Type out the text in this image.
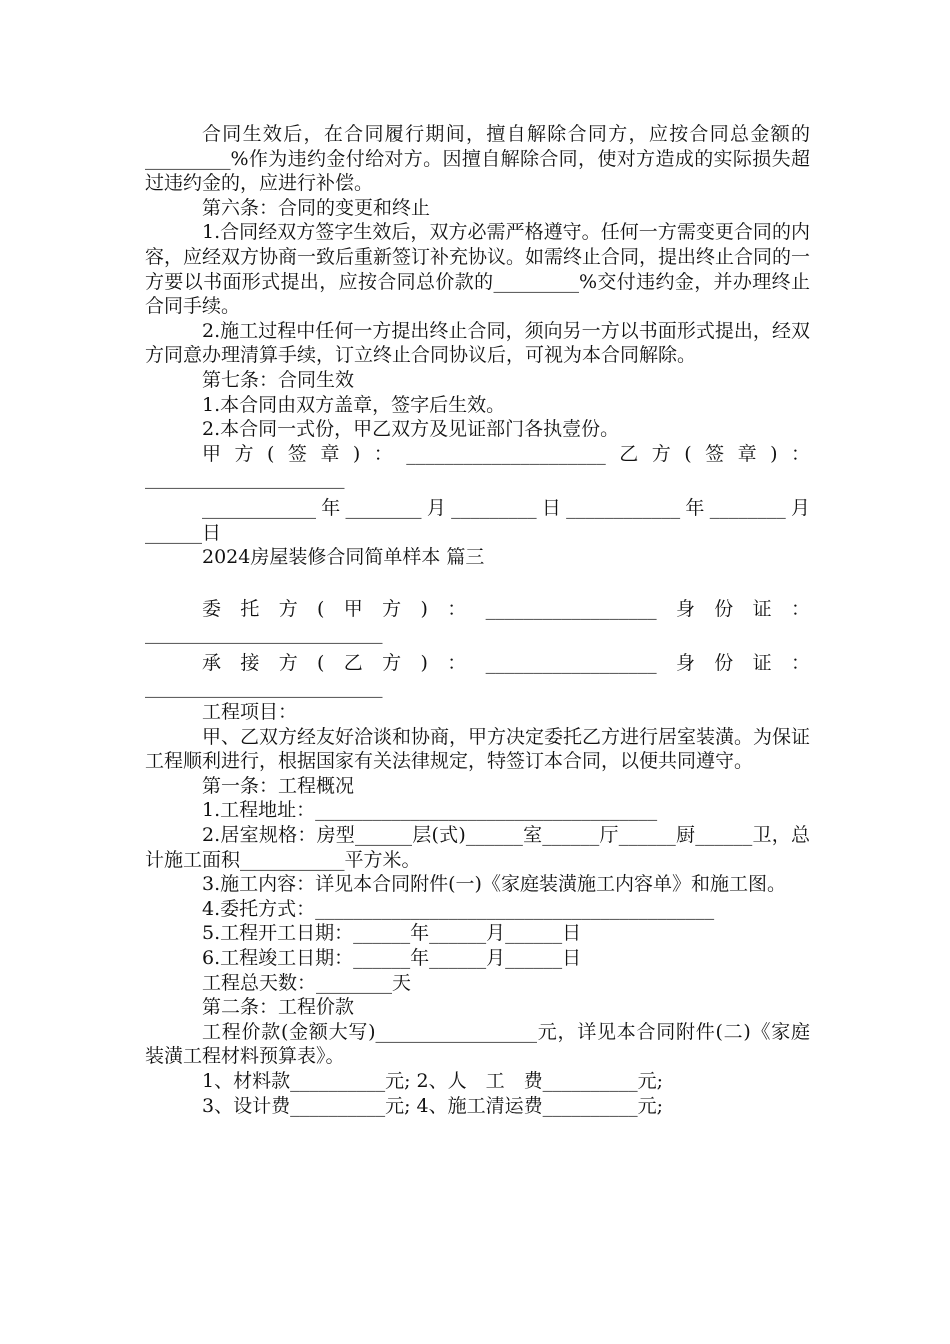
合同生效后，在合同履行期间，擅自解除合同方，应按合同总金额的_________%作为违约金付给对方。因擅自解除合同，使对方造成的实际损失超过违约金的，应进行补偿。

第六条：合同的变更和终止

1.合同经双方签字生效后，双方必需严格遵守。任何一方需变更合同的内容，应经双方协商一致后重新签订补充协议。如需终止合同，提出终止合同的一方要以书面形式提出，应按合同总价款的_________%交付违约金，并办理终止合同手续。

2.施工过程中任何一方提出终止合同，须向另一方以书面形式提出，经双方同意办理清算手续，订立终止合同协议后，可视为本合同解除。

第七条：合同生效

1.本合同由双方盖章，签字后生效。

2.本合同一式份，甲乙双方及见证部门各执壹份。

甲方(签章)：_____________________乙方(签章)：_____________________

____________年________月_________日____________年________月______日

2024房屋装修合同简单样本 篇三

委托方(甲方)：__________________身份证：_________________________

承接方(乙方)：__________________身份证：_________________________

工程项目：

甲、乙双方经友好洽谈和协商，甲方决定委托乙方进行居室装潢。为保证工程顺利进行，根据国家有关法律规定，特签订本合同，以便共同遵守。

第一条：工程概况

1.工程地址：____________________________________

2.居室规格：房型______层(式)______室______厅______厨______卫，总计施工面积___________平方米。

3.施工内容：详见本合同附件(一)《家庭装潢施工内容单》和施工图。

4.委托方式：__________________________________________

5.工程开工日期：______年______月______日

6.工程竣工日期：______年______月______日

工程总天数：________天

第二条：工程价款

工程价款(金额大写)_________________元，详见本合同附件(二)《家庭装潢工程材料预算表》。

1、材料款__________元; 2、人　工　费__________元;

3、设计费__________元; 4、施工清运费__________元;
